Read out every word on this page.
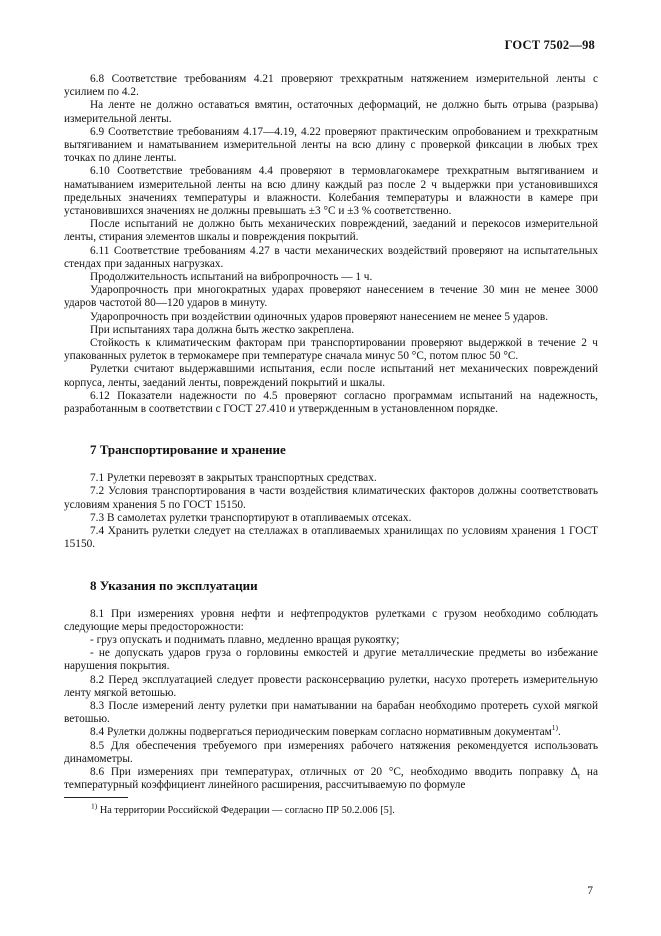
ГОСТ 7502—98

6.8 Соответствие требованиям 4.21 проверяют трехкратным натяжением измерительной ленты с усилием по 4.2.

На ленте не должно оставаться вмятин, остаточных деформаций, не должно быть отрыва (разрыва) измерительной ленты.

6.9 Соответствие требованиям 4.17—4.19, 4.22 проверяют практическим опробованием и трехкратным вытягиванием и наматыванием измерительной ленты на всю длину с проверкой фиксации в любых трех точках по длине ленты.

6.10 Соответствие требованиям 4.4 проверяют в термовлагокамере трехкратным вытягиванием и наматыванием измерительной ленты на всю длину каждый раз после 2 ч выдержки при установившихся предельных значениях температуры и влажности. Колебания температуры и влажности в камере при установившихся значениях не должны превышать ±3 °С и ±3 % соответственно.

После испытаний не должно быть механических повреждений, заеданий и перекосов измерительной ленты, стирания элементов шкалы и повреждения покрытий.

6.11 Соответствие требованиям 4.27 в части механических воздействий проверяют на испытательных стендах при заданных нагрузках.

Продолжительность испытаний на вибропрочность — 1 ч.

Ударопрочность при многократных ударах проверяют нанесением в течение 30 мин не менее 3000 ударов частотой 80—120 ударов в минуту.

Ударопрочность при воздействии одиночных ударов проверяют нанесением не менее 5 ударов.

При испытаниях тара должна быть жестко закреплена.

Стойкость к климатическим факторам при транспортировании проверяют выдержкой в течение 2 ч упакованных рулеток в термокамере при температуре сначала минус 50 °С, потом плюс 50 °С.

Рулетки считают выдержавшими испытания, если после испытаний нет механических повреждений корпуса, ленты, заеданий ленты, повреждений покрытий и шкалы.

6.12 Показатели надежности по 4.5 проверяют согласно программам испытаний на надежность, разработанным в соответствии с ГОСТ 27.410 и утвержденным в установленном порядке.

7 Транспортирование и хранение

7.1 Рулетки перевозят в закрытых транспортных средствах.

7.2 Условия транспортирования в части воздействия климатических факторов должны соответствовать условиям хранения 5 по ГОСТ 15150.

7.3 В самолетах рулетки транспортируют в отапливаемых отсеках.

7.4 Хранить рулетки следует на стеллажах в отапливаемых хранилищах по условиям хранения 1 ГОСТ 15150.

8 Указания по эксплуатации

8.1 При измерениях уровня нефти и нефтепродуктов рулетками с грузом необходимо соблюдать следующие меры предосторожности:

- груз опускать и поднимать плавно, медленно вращая рукоятку;

- не допускать ударов груза о горловины емкостей и другие металлические предметы во избежание нарушения покрытия.

8.2 Перед эксплуатацией следует провести расконсервацию рулетки, насухо протереть измерительную ленту мягкой ветошью.

8.3 После измерений ленту рулетки при наматывании на барабан необходимо протереть сухой мягкой ветошью.

8.4 Рулетки должны подвергаться периодическим поверкам согласно нормативным документам$^{1)}$.

8.5 Для обеспечения требуемого при измерениях рабочего натяжения рекомендуется использовать динамометры.

8.6 При измерениях при температурах, отличных от 20 °С, необходимо вводить поправку $\Delta_t$ на температурный коэффициент линейного расширения, рассчитываемую по формуле

$^{1)}$ На территории Российской Федерации — согласно ПР 50.2.006 [5].
7
